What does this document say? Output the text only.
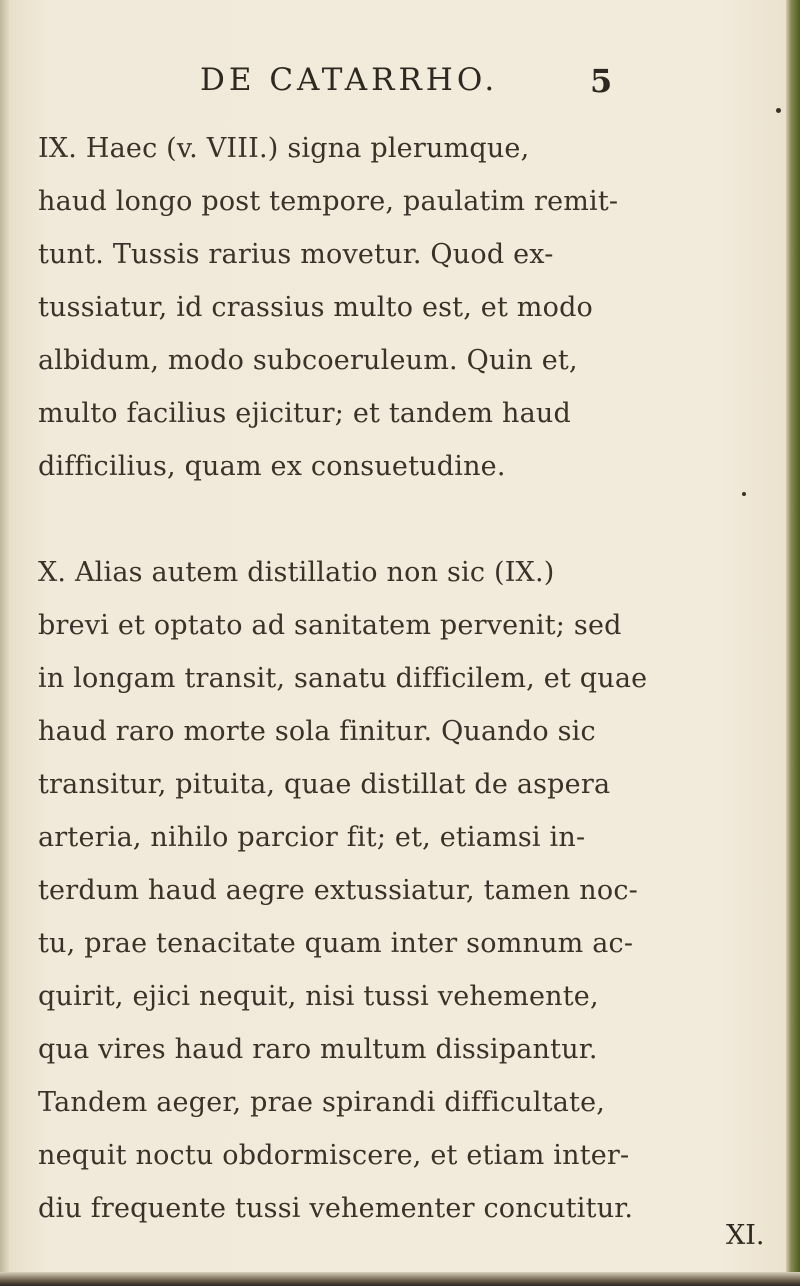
DE CATARRHO.	5
IX. Haec (v. VIII.) signa plerumque,
haud longo post tempore, paulatim remit-
tunt. Tussis rarius movetur. Quod ex-
tussiatur, id crassius multo est, et modo
albidum, modo subcoeruleum. Quin et,
multo facilius ejicitur; et tandem haud
difficilius, quam ex consuetudine.
X. Alias autem distillatio non sic (IX.)
brevi et optato ad sanitatem pervenit; sed
in longam transit, sanatu difficilem, et quae
haud raro morte sola finitur. Quando sic
transitur, pituita, quae distillat de aspera
arteria, nihilo parcior fit; et, etiamsi in-
terdum haud aegre extussiatur, tamen noc-
tu, prae tenacitate quam inter somnum ac-
quirit, ejici nequit, nisi tussi vehemente,
qua vires haud raro multum dissipantur.
Tandem aeger, prae spirandi difficultate,
nequit noctu obdormiscere, et etiam inter-
diu frequente tussi vehementer concutitur.
XI.
